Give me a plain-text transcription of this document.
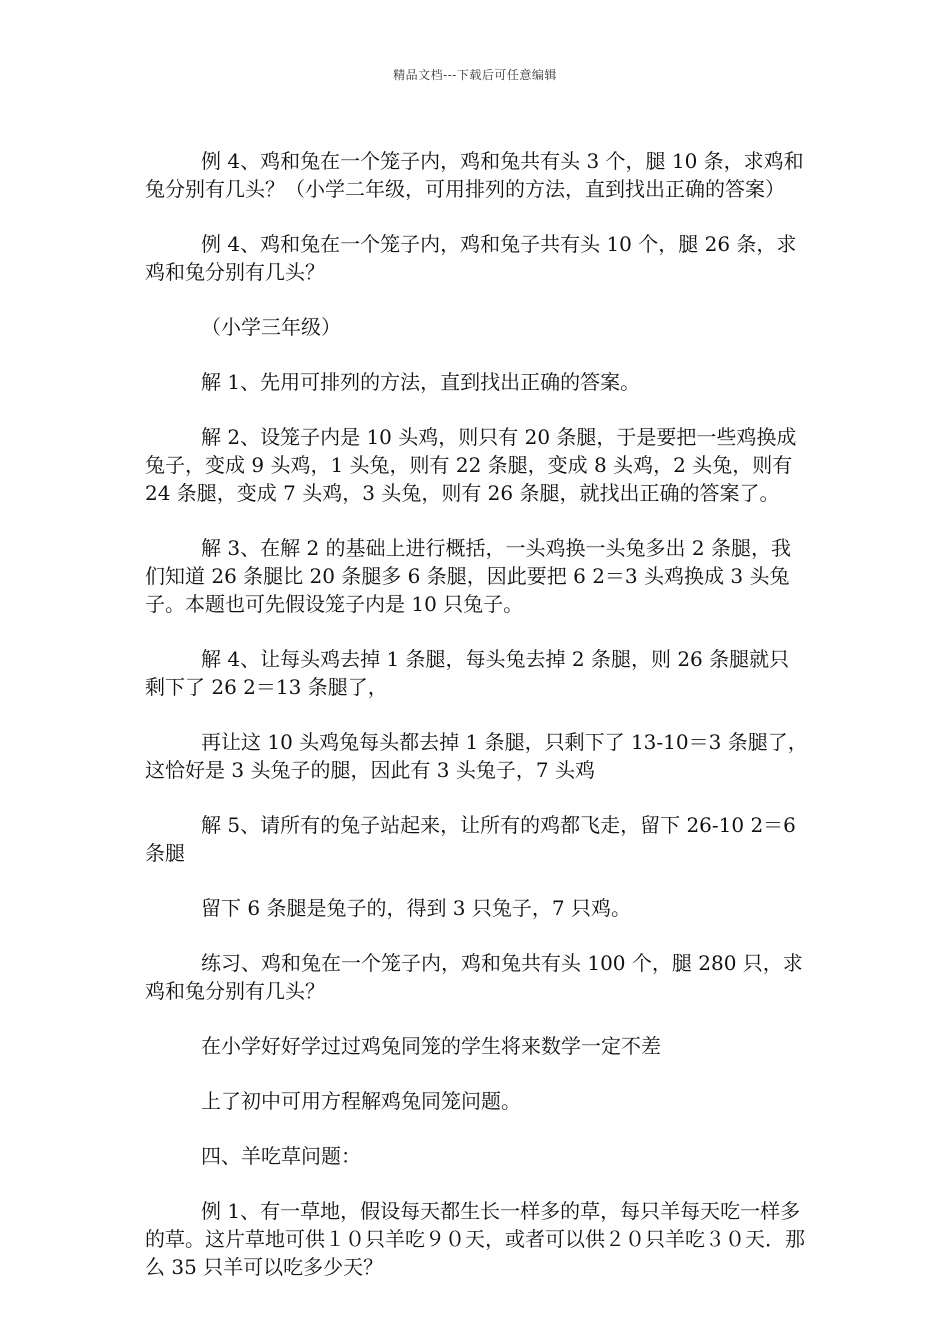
精品文档---下载后可任意编辑

例 4、鸡和兔在一个笼子内，鸡和兔共有头 3 个，腿 10 条，求鸡和兔分别有几头？（小学二年级，可用排列的方法，直到找出正确的答案）

例 4、鸡和兔在一个笼子内，鸡和兔子共有头 10 个，腿 26 条，求鸡和兔分别有几头？

（小学三年级）

解 1、先用可排列的方法，直到找出正确的答案。

解 2、设笼子内是 10 头鸡，则只有 20 条腿，于是要把一些鸡换成兔子，变成 9 头鸡，1 头兔，则有 22 条腿，变成 8 头鸡，2 头兔，则有 24 条腿，变成 7 头鸡，3 头兔，则有 26 条腿，就找出正确的答案了。

解 3、在解 2 的基础上进行概括，一头鸡换一头兔多出 2 条腿，我们知道 26 条腿比 20 条腿多 6 条腿，因此要把 6 2＝3 头鸡换成 3 头兔子。本题也可先假设笼子内是 10 只兔子。

解 4、让每头鸡去掉 1 条腿，每头兔去掉 2 条腿，则 26 条腿就只剩下了 26 2＝13 条腿了，

再让这 10 头鸡兔每头都去掉 1 条腿，只剩下了 13-10＝3 条腿了，这恰好是 3 头兔子的腿，因此有 3 头兔子，7 头鸡

解 5、请所有的兔子站起来，让所有的鸡都飞走，留下 26-10 2＝6 条腿

留下 6 条腿是兔子的，得到 3 只兔子，7 只鸡。

练习、鸡和兔在一个笼子内，鸡和兔共有头 100 个，腿 280 只，求鸡和兔分别有几头？

在小学好好学过过鸡兔同笼的学生将来数学一定不差

上了初中可用方程解鸡兔同笼问题。

四、羊吃草问题：

例 1、有一草地，假设每天都生长一样多的草，每只羊每天吃一样多的草。这片草地可供１０只羊吃９０天，或者可以供２０只羊吃３０天．那么 35 只羊可以吃多少天？
